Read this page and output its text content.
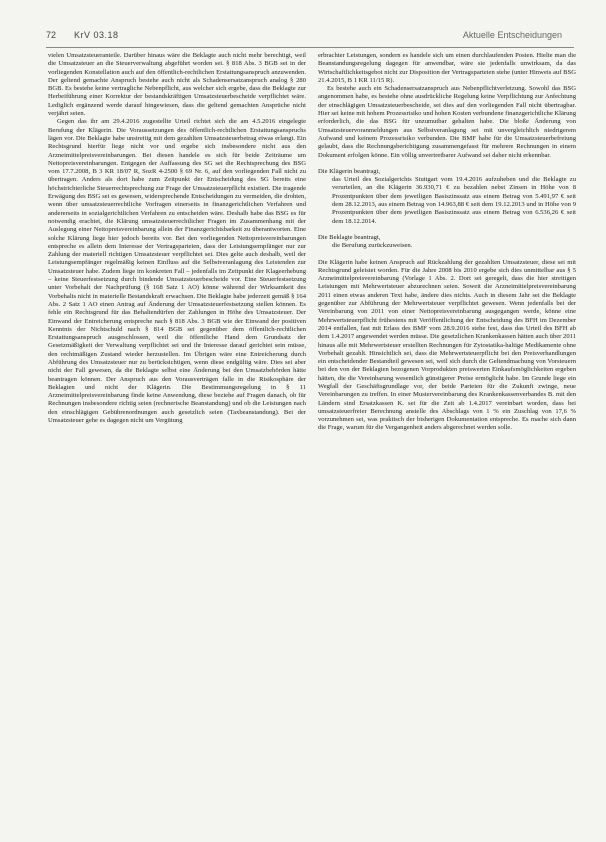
72 KrV 03.18	Aktuelle Entscheidungen

vielen Umsatzsteueranteile. Darüber hinaus wäre die Beklagte auch nicht mehr berechtigt, weil die Umsatzsteuer an die Steuerverwaltung abgeführt worden sei. § 818 Abs. 3 BGB sei in der vorliegenden Konstellation auch auf den öffentlich-rechtlichen Erstattungsanspruch anzuwenden. Der geltend gemachte Anspruch bestehe auch nicht als Schadensersatzanspruch analog § 280 BGB. Es bestehe keine vertragliche Nebenpflicht, aus welcher sich ergebe, dass die Beklagte zur Herbeiführung einer Korrektur der bestandskräftigen Umsatzsteuerbescheide verpflichtet wäre. Lediglich ergänzend werde darauf hingewiesen, dass die geltend gemachten Ansprüche nicht verjährt seien.

Gegen das ihr am 29.4.2016 zugestellte Urteil richtet sich die am 4.5.2016 eingelegte Berufung der Klägerin. Die Voraussetzungen des öffentlich-rechtlichen Erstattungsanspruchs lägen vor. Die Beklagte habe unstreitig mit dem gezahlten Umsatzsteuerbetrag etwas erlangt. Ein Rechtsgrund hierfür liege nicht vor und ergebe sich insbesondere nicht aus den Arzneimittelpreisvereinbarungen. Bei diesen handele es sich für beide Zeiträume um Nettopreisvereinbarungen. Entgegen der Auffassung des SG sei die Rechtsprechung des BSG vom 17.7.2008, B 3 KR 18/07 R, SozR 4-2500 § 69 Nr. 6, auf den vorliegenden Fall nicht zu übertragen. Anders als dort habe zum Zeitpunkt der Entscheidung des SG bereits eine höchstrichterliche Steuerrechtsprechung zur Frage der Umsatzsteuerpflicht existiert. Die tragende Erwägung des BSG sei es gewesen, widersprechende Entscheidungen zu vermeiden, die drohten, wenn über umsatzsteuerrechtliche Vorfragen einerseits in finanzgerichtlichen Verfahren und andererseits in sozialgerichtlichen Verfahren zu entscheiden wäre. Deshalb habe das BSG es für notwendig erachtet, die Klärung umsatzsteuerrechtlicher Fragen im Zusammenhang mit der Auslegung einer Nettopreisvereinbarung allein der Finanzgerichtsbarkeit zu überantworten. Eine solche Klärung liege hier jedoch bereits vor. Bei den vorliegenden Nettopreisvereinbarungen entspreche es allein dem Interesse der Vertragsparteien, dass der Leistungsempfänger nur zur Zahlung der materiell richtigen Umsatzsteuer verpflichtet sei. Dies gelte auch deshalb, weil der Leistungsempfänger regelmäßig keinen Einfluss auf die Selbstveranlagung des Leistenden zur Umsatzsteuer habe. Zudem liege im konkreten Fall – jedenfalls im Zeitpunkt der Klageerhebung – keine Steuerfestsetzung durch bindende Umsatzsteuerbescheide vor. Eine Steuerfestsetzung unter Vorbehalt der Nachprüfung (§ 168 Satz 1 AO) könne während der Wirksamkeit des Vorbehalts nicht in materielle Bestandskraft erwachsen. Die Beklagte habe jederzeit gemäß § 164 Abs. 2 Satz 1 AO einen Antrag auf Änderung der Umsatzsteuerfestsetzung stellen können. Es fehle ein Rechtsgrund für das Behaltendürfen der Zahlungen in Höhe des Umsatzsteuer. Der Einwand der Entreicherung entspreche nach § 818 Abs. 3 BGB wie der Einwand der positiven Kenntnis der Nichtschuld nach § 814 BGB sei gegenüber dem öffentlich-rechtlichen Erstattungsanspruch ausgeschlossen, weil die öffentliche Hand dem Grundsatz der Gesetzmäßigkeit der Verwaltung verpflichtet sei und ihr Interesse darauf gerichtet sein müsse, den rechtmäßigen Zustand wieder herzustellen. Im Übrigen wäre eine Entreicherung durch Abführung des Umsatzsteuer nur zu berücksichtigen, wenn diese endgültig wäre. Dies sei aber nicht der Fall gewesen, da die Beklagte selbst eine Änderung bei den Umsatzbehörden hätte beantragen können. Der Anspruch aus den Vorausverträgen falle in die Risikosphäre der Beklagten und nicht der Klägerin. Die Bestimmungsregelung in § 11 Arzneimittelpreisvereinbarung finde keine Anwendung, diese beziehe auf Fragen danach, ob für Rechnungen insbesondere richtig seien (rechnerische Beanstandung) und ob die Leistungen nach den einschlägigen Gebührenordnungen auch gesetzlich seien (Taxbeanstandung). Bei der Umsatzsteuer gehe es dagegen nicht um Vergütung

erbrachter Leistungen, sondern es handele sich um einen durchlaufenden Posten. Hielte man die Beanstandungsregelung dagegen für anwendbar, wäre sie jedenfalls unwirksam, da das Wirtschaftlichkeitsgebot nicht zur Disposition der Vertragsparteien stehe (unter Hinweis auf BSG 21.4.2015, B 1 KR 11/15 R).

Es bestehe auch ein Schadensersatzanspruch aus Nebenpflichtverletzung. Sowohl das BSG angenommen habe, es bestehe ohne ausdrückliche Regelung keine Verpflichtung zur Anfechtung der einschlägigen Umsatzsteuerbescheide, sei dies auf den vorliegenden Fall nicht übertragbar. Hier sei keine mit hohem Prozessrisiko und hohen Kosten verbundene finanzgerichtliche Klärung erforderlich, die das BSG für unzumutbar gehalten habe. Die bloße Änderung von Umsatzsteuervoranmeldungen aus Selbstveranlagung sei mit unvergleichlich niedrigerem Aufwand und keinem Prozessrisiko verbunden. Die BMF habe für die Umsatzsteuerbefreiung gelaubt, dass die Rechnungsberichtigung zusammengefasst für mehrere Rechnungen in einem Dokument erfolgen könne. Ein völlig unvertretbarer Aufwand sei daher nicht erkennbar.

Die Klägerin beantragt,

das Urteil des Sozialgerichts Stuttgart vom 19.4.2016 aufzuheben und die Beklagte zu verurteilen, an die Klägerin 36.930,71 € zu bezahlen nebst Zinsen in Höhe von 8 Prozentpunkten über dem jeweiligen Basiszinssatz aus einem Betrag von 5.491,97 € seit dem 28.12.2013, aus einem Betrag von 14.963,88 € seit dem 19.12.2013 und in Höhe von 9 Prozentpunkten über dem jeweiligen Basiszinssatz aus einem Betrag von 6.536,26 € seit dem 18.12.2014.

Die Beklagte beantragt,

die Berufung zurückzuweisen.

Die Klägerin habe keinen Anspruch auf Rückzahlung der gezahlten Umsatzsteuer, diese sei mit Rechtsgrund geleistet worden. Für die Jahre 2008 bis 2010 ergebe sich dies unmittelbar aus § 5 Arzneimittelpreisvereinbarung (Vorlage 1 Abs. 2. Dort sei geregelt, dass die hier streitigen Leistungen mit Mehrwertsteuer abzurechnen seien. Soweit die Arzneimittelpreisvereinbarung 2011 einen etwas anderen Text habe, ändere dies nichts. Auch in diesem Jahr sei die Beklagte gegenüber zur Abführung der Mehrwertsteuer verpflichtet gewesen. Wenn jedenfalls bei der Vereinbarung von 2011 von einer Nettopreisvereinbarung ausgegangen werde, könne eine Mehrwertsteuerpflicht frühestens mit Veröffentlichung der Entscheidung des BFH im Dezember 2014 entfallen, fast mit Erlass des BMF vom 28.9.2016 stehe fest, dass das Urteil des BFH ab dem 1.4.2017 angewendet werden müsse. Die gesetzlichen Krankenkassen hätten auch über 2011 hinaus alle mit Mehrwertsteuer erstellten Rechnungen für Zytostatika-haltige Medikamente ohne Vorbehalt gezahlt. Hinsichtlich sei, dass die Mehrwertsteuerpflicht bei den Preisverhandlungen ein entscheidender Bestandteil gewesen sei, weil sich durch die Geltendmachung von Vorsteuern bei den von der Beklagten bezogenen Vorprodukten preiswerten Einkaufsmöglichkeiten ergeben hätten, die die Vereinbarung wesentlich günstigerer Preise ermöglicht habe. Im Grunde liege ein Wegfall der Geschäftsgrundlage vor, der beide Parteien für die Zukunft zwinge, neue Vereinbarungen zu treffen. In einer Mustervereinbarung des Krankenkassenverbandes B. mit den Ländern sind Ersatzkassen K. sei für die Zeit ab 1.4.2017 vereinbart worden, dass bei umsatzsteuerfreier Berechnung anstelle des Abschlags von 1 % ein Zuschlag von 17,6 % vorzunehmen sei, was praktisch der bisherigen Dokumentation entspreche. Es mache sich dann die Frage, warum für die Vergangenheit anders abgerechnet werden solle.
